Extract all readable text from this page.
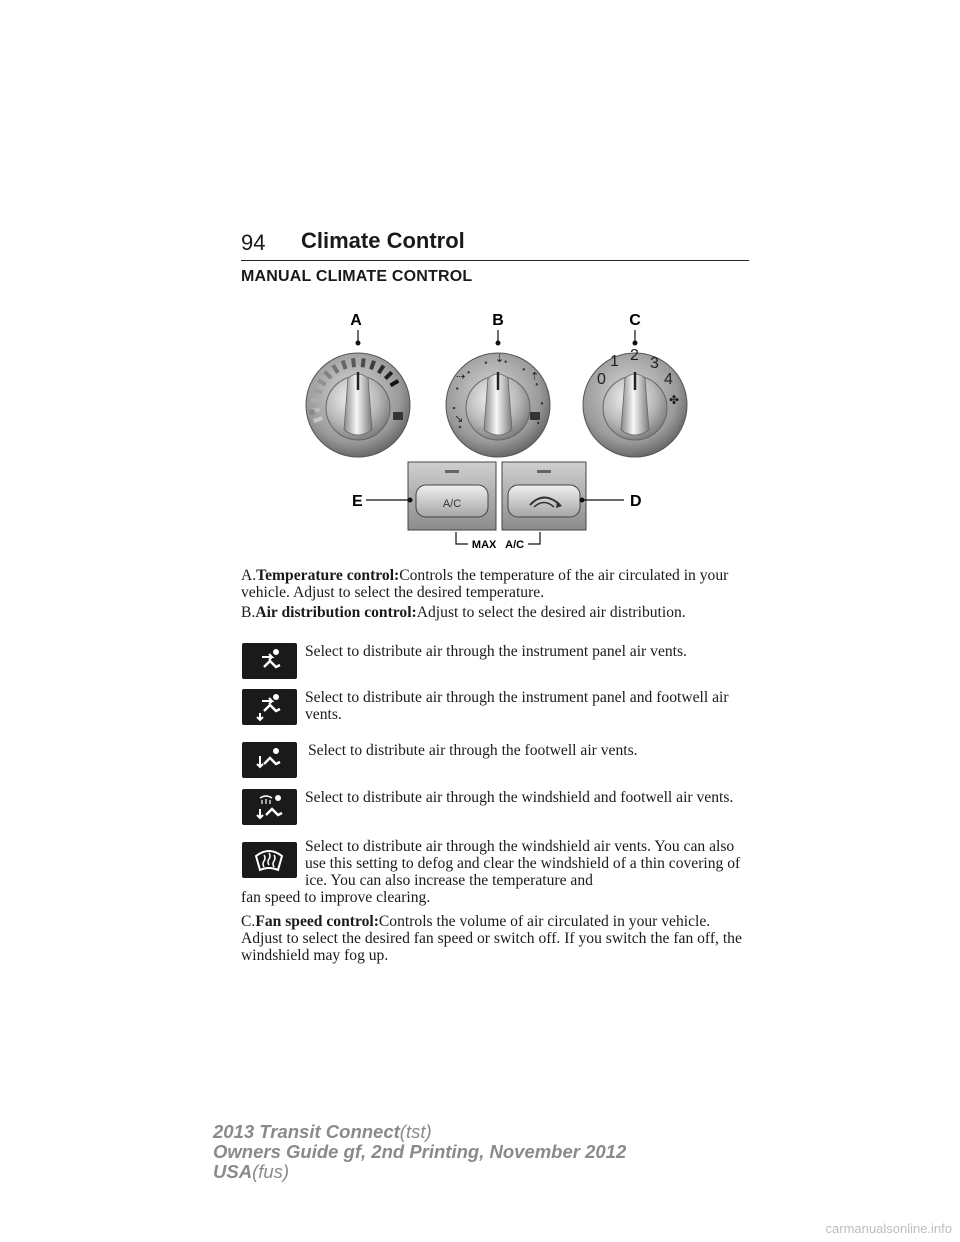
94 Climate Control
MANUAL CLIMATE CONTROL
A
⇢
⇣
⇡
↘
B
0
1 2 3
4
✤
C
A/C
E	D
MAX   A/C
A.Temperature control:Controls the temperature of the air circulated in your vehicle. Adjust to select the desired temperature.
B.Air distribution control:Adjust to select the desired air distribution.
Select to distribute air through the instrument panel air vents.
Select to distribute air through the instrument panel and footwell air vents.
Select to distribute air through the footwell air vents.
Select to distribute air through the windshield and footwell air vents.
Select to distribute air through the windshield air vents. You can also use this setting to defog and clear the windshield of a thin covering of ice. You can also increase the temperature and
fan speed to improve clearing.
C.Fan speed control:Controls the volume of air circulated in your vehicle. Adjust to select the desired fan speed or switch off. If you switch the fan off, the windshield may fog up.
2013 Transit Connect(tst)
Owners Guide gf, 2nd Printing, November 2012
USA(fus)
carmanualsonline.info
